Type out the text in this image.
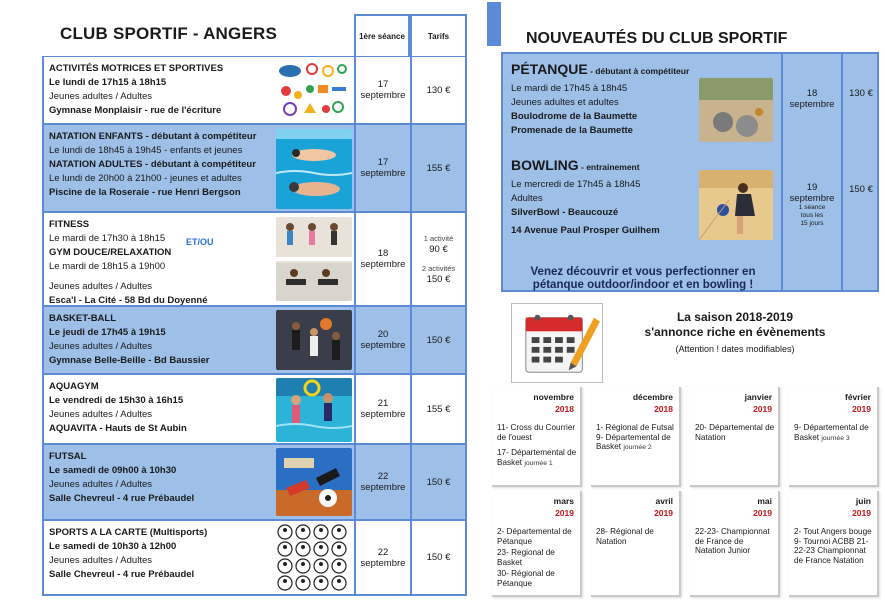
CLUB SPORTIF - ANGERS	1ère séance	Tarifs
ACTIVITÉS MOTRICES ET SPORTIVES
Le lundi de 17h15 à 18h15
Jeunes adultes / Adultes
Gymnase Monplaisir - rue de l'écriture
17
septembre	130 €
NATATION ENFANTS - débutant à compétiteur
Le lundi de 18h45 à 19h45 - enfants et jeunes
NATATION ADULTES - débutant à compétiteur
Le lundi de 20h00 à 21h00 - jeunes et adultes
Piscine de la Roseraie - rue Henri Bergson
17
septembre	155 €
FITNESS
Le mardi de 17h30 à 18h15
GYM DOUCE/RELAXATION
Le mardi de 18h15 à 19h00
Jeunes adultes / Adultes
Esca'l - La Cité - 58 Bd du Doyenné
ET/OU
18
septembre
1 activité
90 €
2 activités
150 €
BASKET-BALL
Le jeudi de 17h45 à 19h15
Jeunes adultes / Adultes
Gymnase Belle-Beille - Bd Baussier
20
septembre	150 €
AQUAGYM
Le vendredi de 15h30 à 16h15
Jeunes adultes / Adultes
AQUAVITA - Hauts de St Aubin
21
septembre	155 €
FUTSAL
Le samedi de 09h00 à 10h30
Jeunes adultes / Adultes
Salle Chevreul - 4 rue Prébaudel
22
septembre	150 €
SPORTS A LA CARTE (Multisports)
Le samedi de 10h30 à 12h00
Jeunes adultes / Adultes
Salle Chevreul - 4 rue Prébaudel
22
septembre	150 €
NOUVEAUTÉS DU CLUB SPORTIF
PÉTANQUE - débutant à compétiteur
Le mardi de 17h45 à 18h45
Jeunes adultes et adultes
Boulodrome de la Baumette
Promenade de la Baumette
18
septembre
130 €
BOWLING - entrainement
Le mercredi de 17h45 à 18h45
Adultes
SilverBowl - Beaucouzé
14 Avenue Paul Prosper Guilhem
19
septembre
1 séance
tous les
15 jours
150 €
Venez découvrir et vous perfectionner en
pétanque outdoor/indoor et en bowling !
La saison 2018-2019
s'annonce riche en évènements
(Attention ! dates modifiables)
novembre
2018
11- Cross du Courrier de l'ouest
17- Départemental de Basket journée 1
décembre
2018
1- Régional de Futsal
9- Départemental de Basket journée 2
janvier
2019
20- Départemental de Natation
février
2019
9- Départemental de Basket journée 3
mars
2019
2- Départemental de Pétanque
23- Regional de Basket
30- Régional de Pétanque
avril
2019
28- Régional de Natation
mai
2019
22-23- Championnat de France de Natation Junior
juin
2019
2- Tout Angers bouge
9- Tournoi ACBB 21-22-23 Championnat de France Natation
